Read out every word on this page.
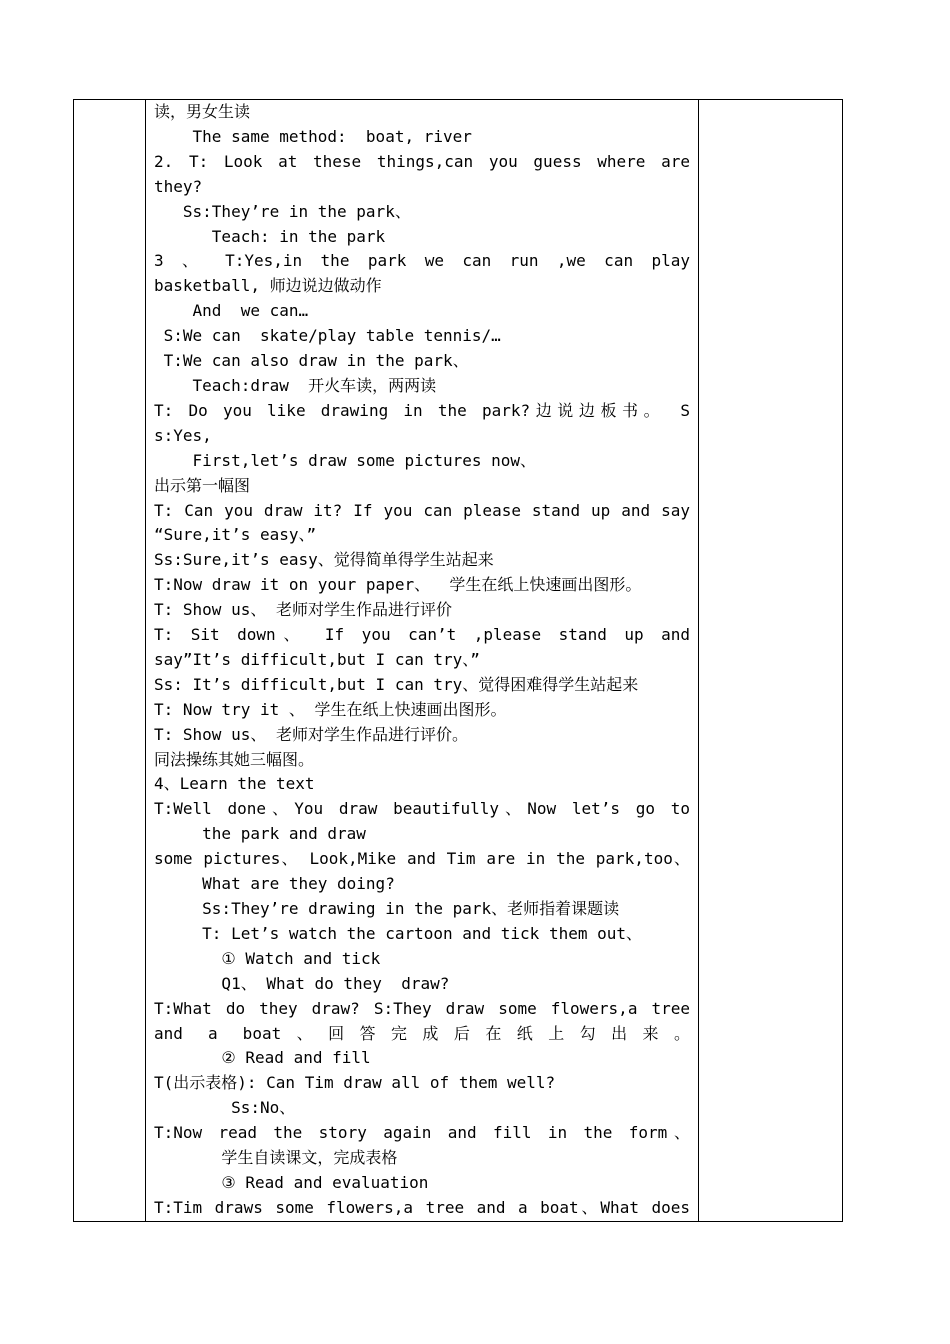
读，男女生读
The same method:  boat, river
2. T: Look at these things,can you guess where are
they?
Ss:They’re in the park、
Teach: in the park
3 、 T:Yes,in the park we can run ,we can play
basketball, 师边说边做动作
And  we can…
S:We can  skate/play table tennis/…
T:We can also draw in the park、
Teach:draw  开火车读，两两读
T: Do you like drawing in the park?边说边板书。 S
s:Yes,
First,let’s draw some pictures now、
出示第一幅图
T: Can you draw it? If you can please stand up and say
“Sure,it’s easy、”
Ss:Sure,it’s easy、觉得简单得学生站起来
T:Now draw it on your paper、  学生在纸上快速画出图形。
T: Show us、 老师对学生作品进行评价
T: Sit down、 If you can’t ,please stand up and
say”It’s difficult,but I can try、”
Ss: It’s difficult,but I can try、觉得困难得学生站起来
T: Now try it 、 学生在纸上快速画出图形。
T: Show us、 老师对学生作品进行评价。
同法操练其她三幅图。
4、Learn the text
T:Well done、You draw beautifully、Now let’s go to
the park and draw
some pictures、 Look,Mike and Tim are in the park,too、
What are they doing?
Ss:They’re drawing in the park、老师指着课题读
T: Let’s watch the cartoon and tick them out、
① Watch and tick
Q1、 What do they  draw?
T:What do they draw? S:They draw some flowers,a tree
and a boat、回答完成后在纸上勾出来。
② Read and fill
T(出示表格): Can Tim draw all of them well?
Ss:No、
T:Now read the story again and fill in the form、
学生自读课文，完成表格
③ Read and evaluation
T:Tim draws some flowers,a tree and a boat、What does
